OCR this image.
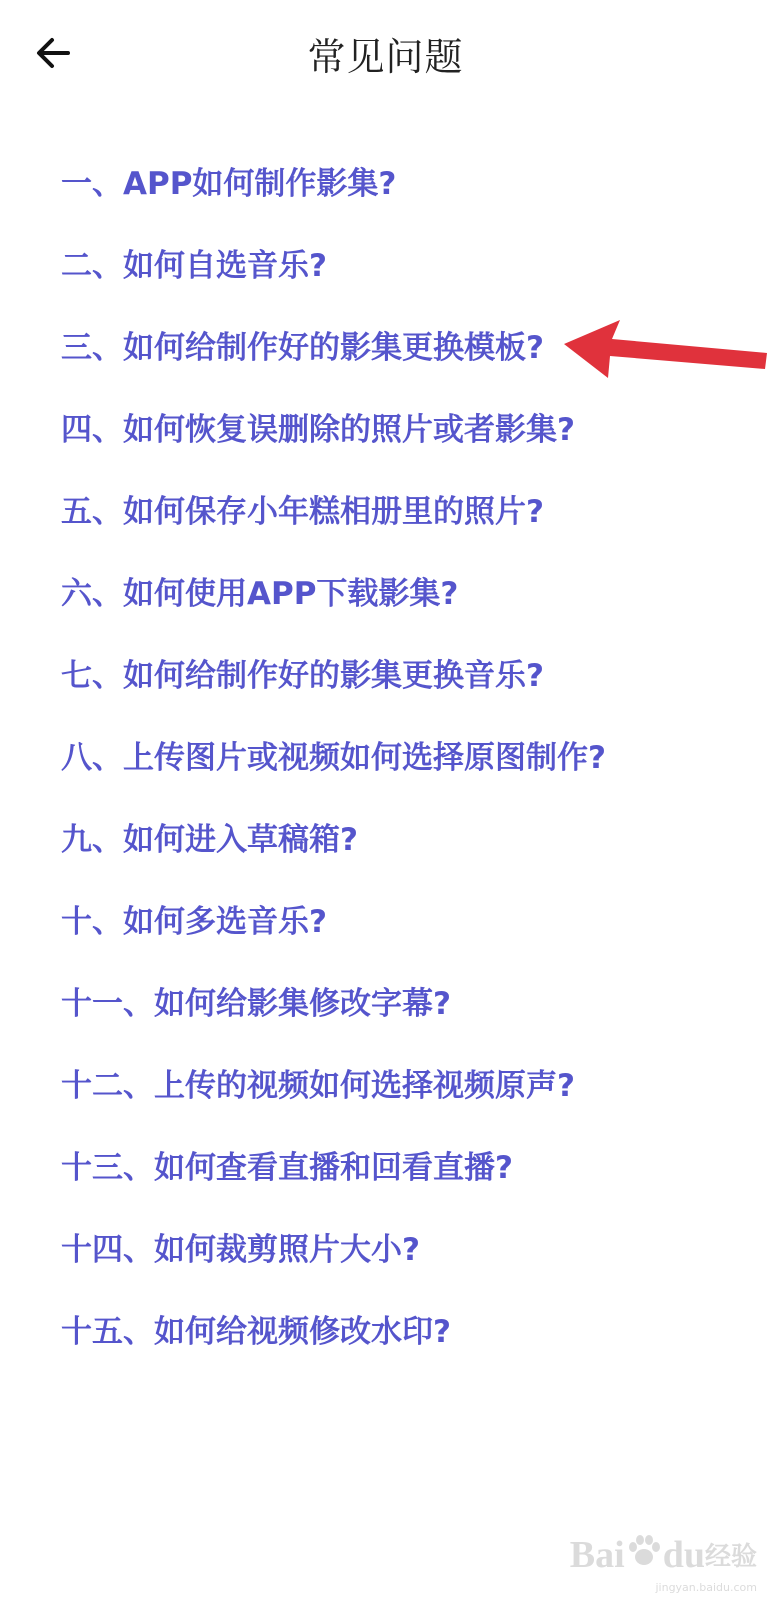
常见问题
一、APP如何制作影集?
二、如何自选音乐?
三、如何给制作好的影集更换模板?
四、如何恢复误删除的照片或者影集?
五、如何保存小年糕相册里的照片?
六、如何使用APP下载影集?
七、如何给制作好的影集更换音乐?
八、上传图片或视频如何选择原图制作?
九、如何进入草稿箱?
十、如何多选音乐?
十一、如何给影集修改字幕?
十二、上传的视频如何选择视频原声?
十三、如何查看直播和回看直播?
十四、如何裁剪照片大小?
十五、如何给视频修改水印?
Bai du 经验
jingyan.baidu.com
